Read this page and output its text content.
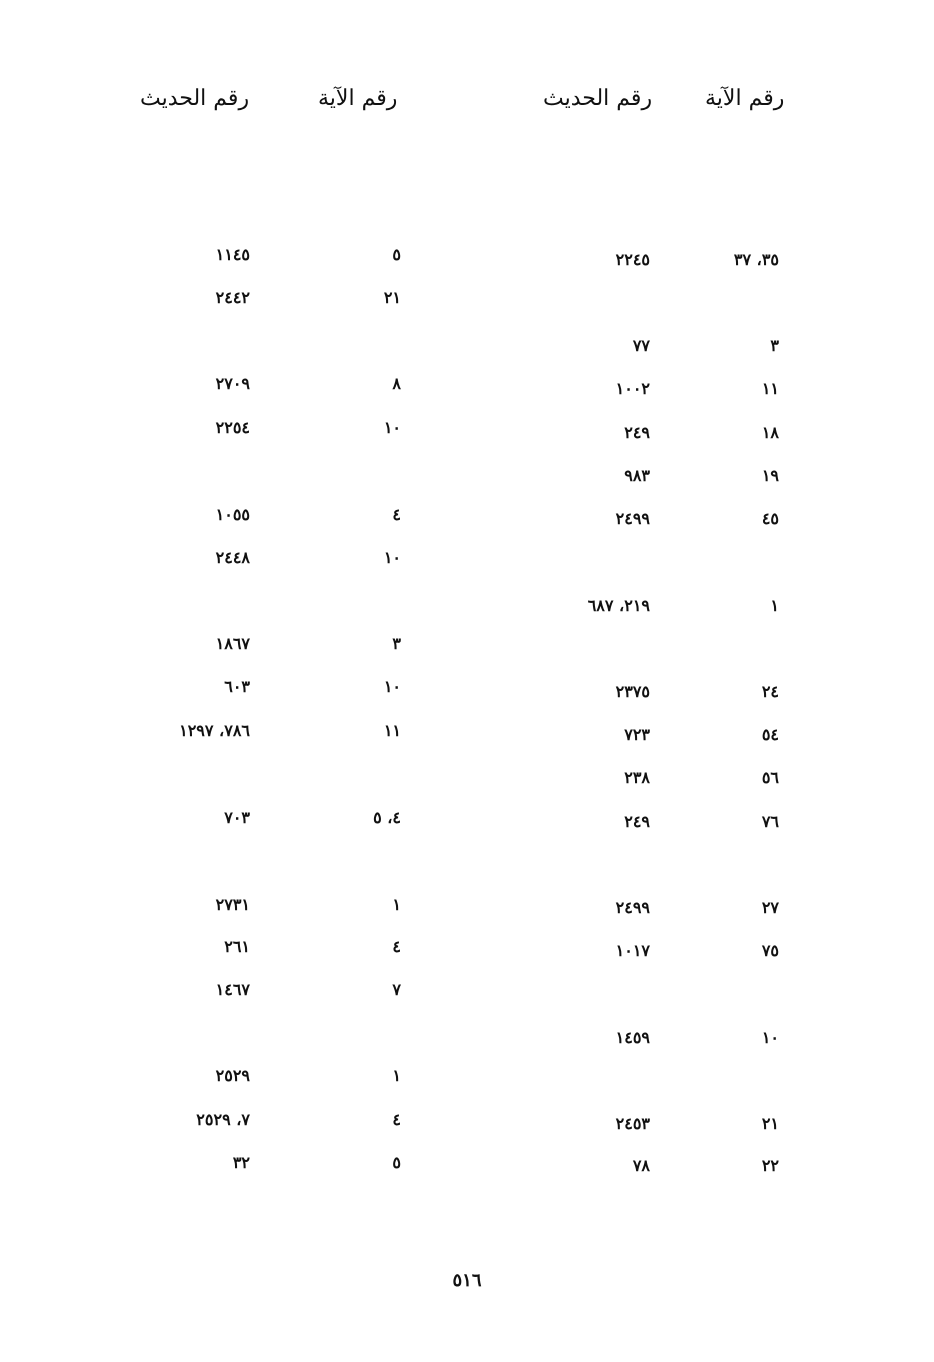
رقم الآية
رقم الحديث
رقم الآية
رقم الحديث
٣٥، ٣٧
٢٢٤٥
٣
٧٧
١١
١٠٠٢
١٨
٢٤٩
١٩
٩٨٣
٤٥
٢٤٩٩
١
٢١٩، ٦٨٧
٢٤
٢٣٧٥
٥٤
٧٢٣
٥٦
٢٣٨
٧٦
٢٤٩
٢٧
٢٤٩٩
٧٥
١٠١٧
١٠
١٤٥٩
٢١
٢٤٥٣
٢٢
٧٨
٥
١١٤٥
٢١
٢٤٤٢
٨
٢٧٠٩
١٠
٢٢٥٤
٤
١٠٥٥
١٠
٢٤٤٨
٣
١٨٦٧
١٠
٦٠٣
١١
٧٨٦، ١٢٩٧
٤، ٥
٧٠٣
١
٢٧٣١
٤
٢٦١
٧
١٤٦٧
١
٢٥٢٩
٤
٧، ٢٥٢٩
٥
٣٢
٥١٦
